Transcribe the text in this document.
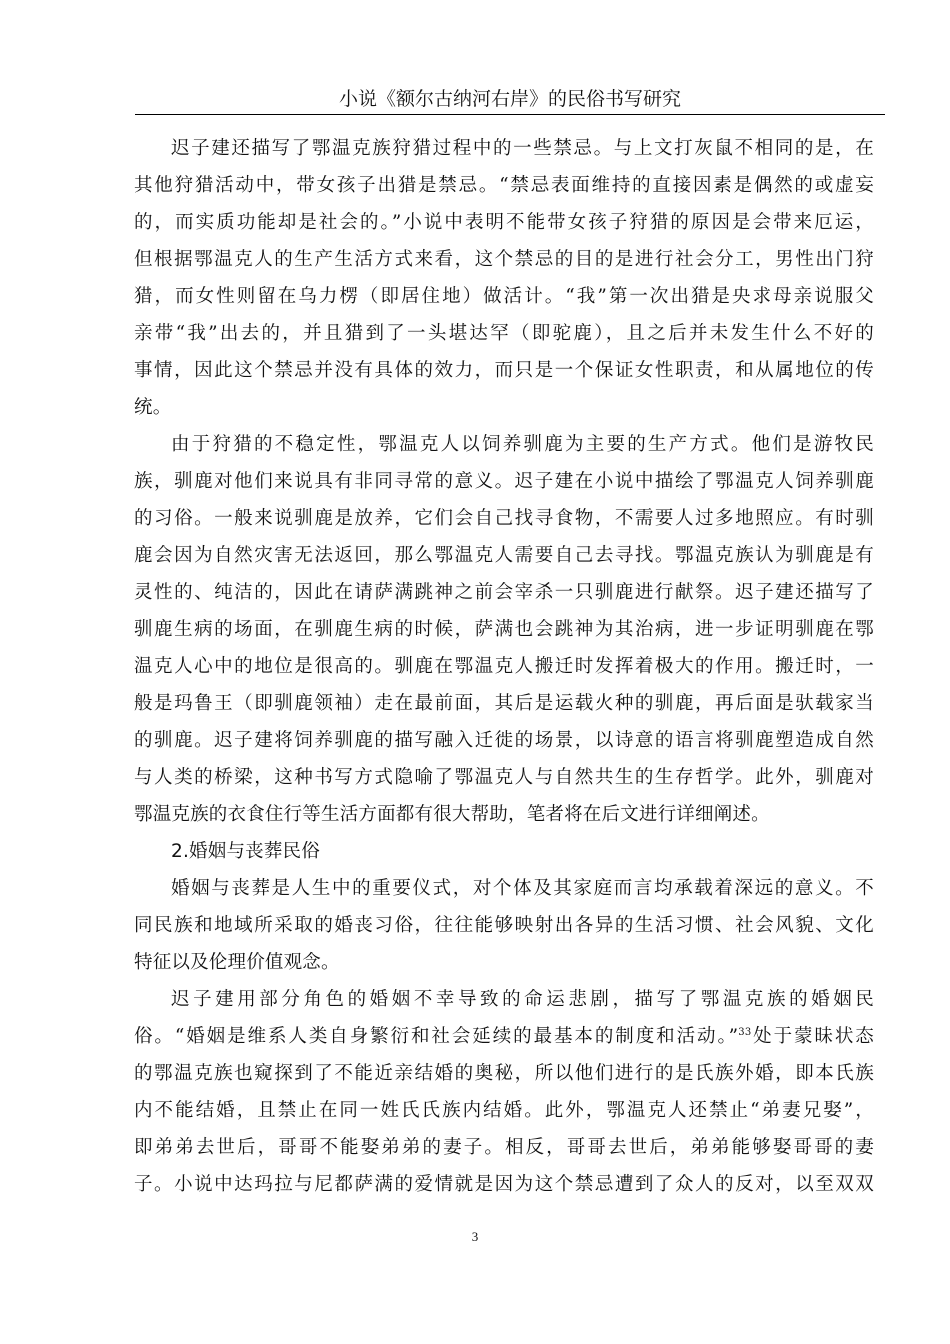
小说《额尔古纳河右岸》的民俗书写研究
迟子建还描写了鄂温克族狩猎过程中的一些禁忌。与上文打灰鼠不相同的是，在
其他狩猎活动中，带女孩子出猎是禁忌。“禁忌表面维持的直接因素是偶然的或虚妄
的，而实质功能却是社会的。”小说中表明不能带女孩子狩猎的原因是会带来厄运，
但根据鄂温克人的生产生活方式来看，这个禁忌的目的是进行社会分工，男性出门狩
猎，而女性则留在乌力楞（即居住地）做活计。“我”第一次出猎是央求母亲说服父
亲带“我”出去的，并且猎到了一头堪达罕（即驼鹿），且之后并未发生什么不好的
事情，因此这个禁忌并没有具体的效力，而只是一个保证女性职责，和从属地位的传
统。
由于狩猎的不稳定性，鄂温克人以饲养驯鹿为主要的生产方式。他们是游牧民
族，驯鹿对他们来说具有非同寻常的意义。迟子建在小说中描绘了鄂温克人饲养驯鹿
的习俗。一般来说驯鹿是放养，它们会自己找寻食物，不需要人过多地照应。有时驯
鹿会因为自然灾害无法返回，那么鄂温克人需要自己去寻找。鄂温克族认为驯鹿是有
灵性的、纯洁的，因此在请萨满跳神之前会宰杀一只驯鹿进行献祭。迟子建还描写了
驯鹿生病的场面，在驯鹿生病的时候，萨满也会跳神为其治病，进一步证明驯鹿在鄂
温克人心中的地位是很高的。驯鹿在鄂温克人搬迁时发挥着极大的作用。搬迁时，一
般是玛鲁王（即驯鹿领袖）走在最前面，其后是运载火种的驯鹿，再后面是驮载家当
的驯鹿。迟子建将饲养驯鹿的描写融入迁徙的场景，以诗意的语言将驯鹿塑造成自然
与人类的桥梁，这种书写方式隐喻了鄂温克人与自然共生的生存哲学。此外，驯鹿对
鄂温克族的衣食住行等生活方面都有很大帮助，笔者将在后文进行详细阐述。
2.婚姻与丧葬民俗
婚姻与丧葬是人生中的重要仪式，对个体及其家庭而言均承载着深远的意义。不
同民族和地域所采取的婚丧习俗，往往能够映射出各异的生活习惯、社会风貌、文化
特征以及伦理价值观念。
迟子建用部分角色的婚姻不幸导致的命运悲剧，描写了鄂温克族的婚姻民
俗。“婚姻是维系人类自身繁衍和社会延续的最基本的制度和活动。”$^{33}$处于蒙昧状态
的鄂温克族也窥探到了不能近亲结婚的奥秘，所以他们进行的是氏族外婚，即本氏族
内不能结婚，且禁止在同一姓氏氏族内结婚。此外，鄂温克人还禁止“弟妻兄娶”，
即弟弟去世后，哥哥不能娶弟弟的妻子。相反，哥哥去世后，弟弟能够娶哥哥的妻
子。小说中达玛拉与尼都萨满的爱情就是因为这个禁忌遭到了众人的反对，以至双双
3
